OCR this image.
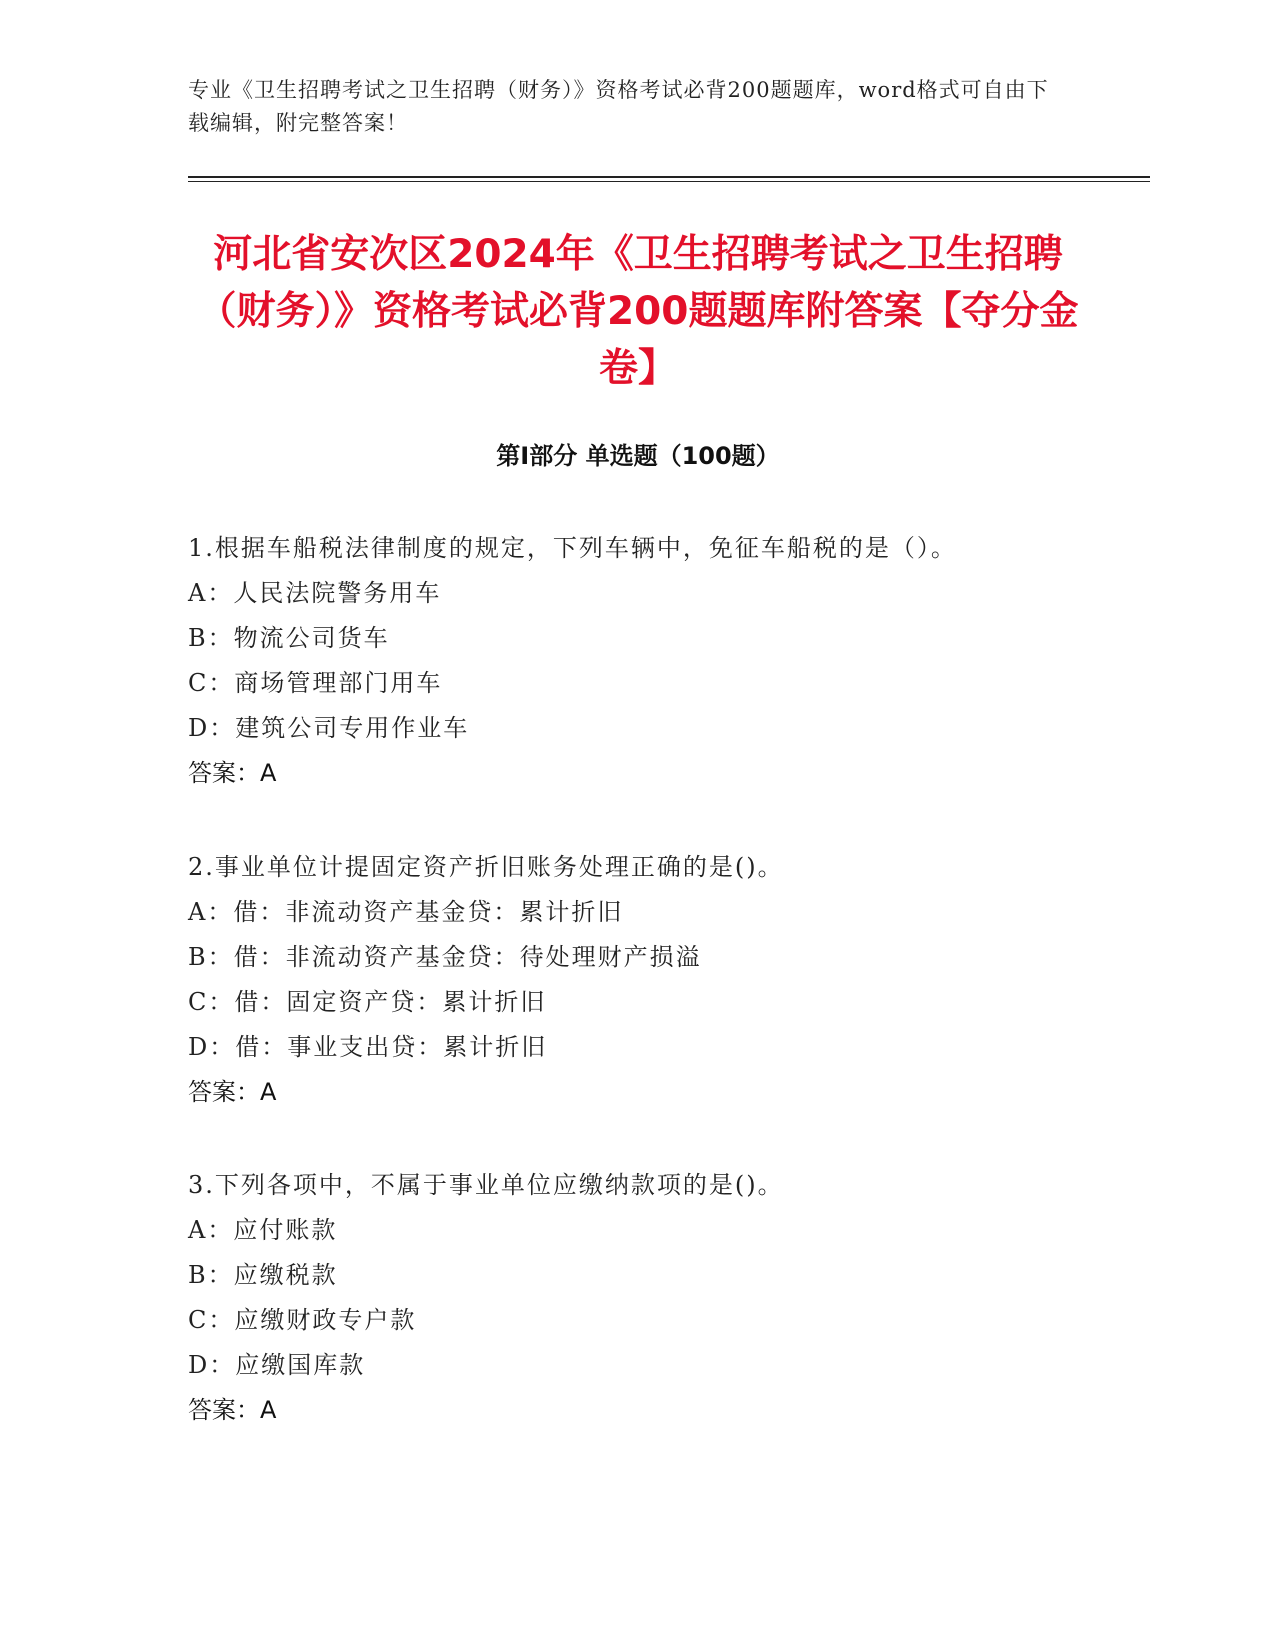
专业《卫生招聘考试之卫生招聘（财务）》资格考试必背200题题库，word格式可自由下载编辑，附完整答案！
河北省安次区2024年《卫生招聘考试之卫生招聘（财务）》资格考试必背200题题库附答案【夺分金卷】
第Ⅰ部分 单选题（100题）
1.根据车船税法律制度的规定，下列车辆中，免征车船税的是（）。
A：人民法院警务用车
B：物流公司货车
C：商场管理部门用车
D：建筑公司专用作业车
答案：A
2.事业单位计提固定资产折旧账务处理正确的是()。
A：借：非流动资产基金贷：累计折旧
B：借：非流动资产基金贷：待处理财产损溢
C：借：固定资产贷：累计折旧
D：借：事业支出贷：累计折旧
答案：A
3.下列各项中，不属于事业单位应缴纳款项的是()。
A：应付账款
B：应缴税款
C：应缴财政专户款
D：应缴国库款
答案：A
